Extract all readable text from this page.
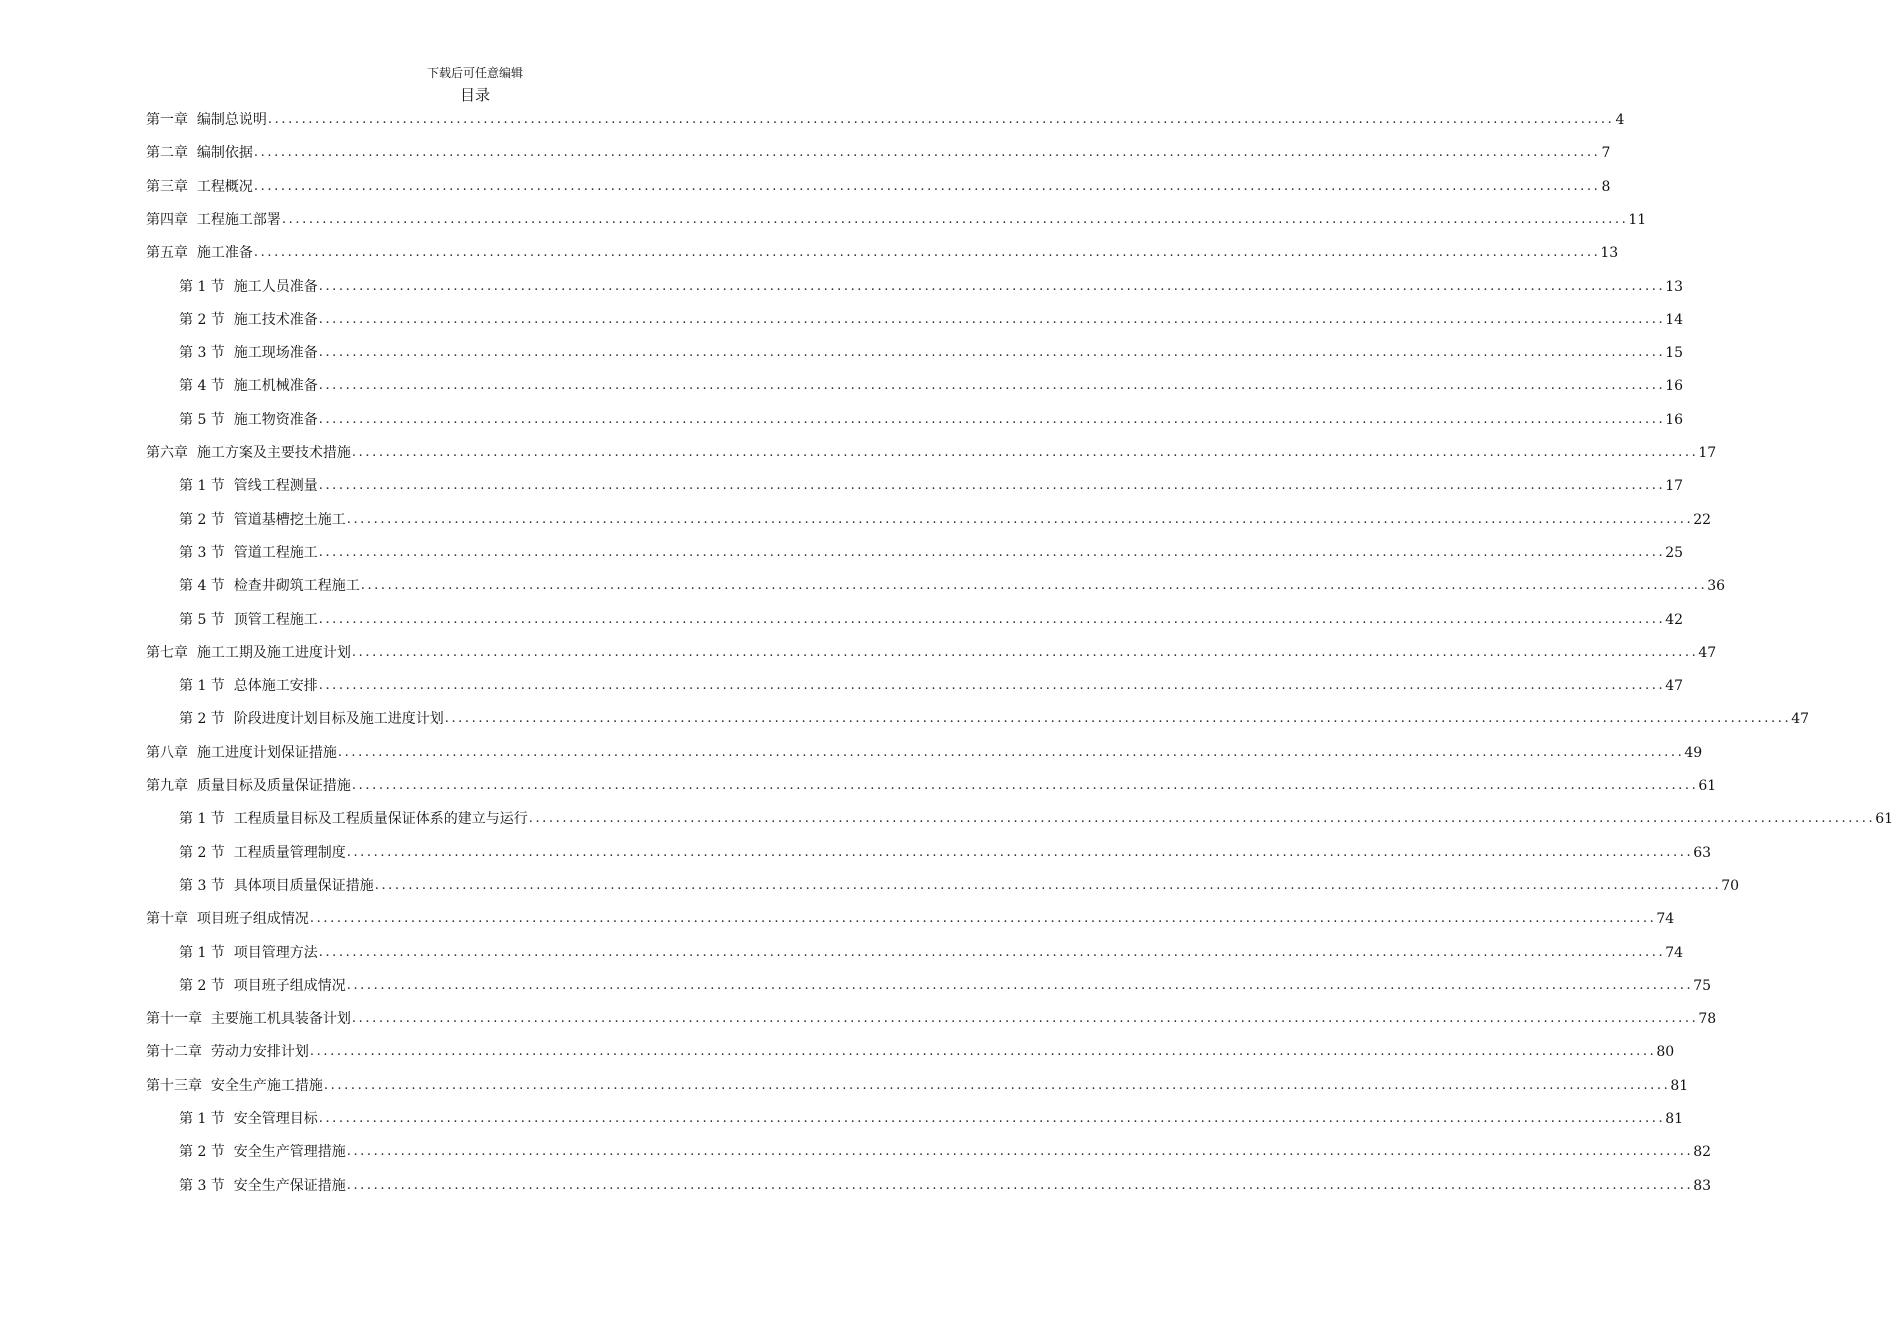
下载后可任意编辑
目录
第一章  编制总说明 ........................................................................................................................................................................................................ 4
第二章  编制依据 ........................................................................................................................................................................................................ 7
第三章  工程概况 ........................................................................................................................................................................................................ 8
第四章  工程施工部署 ........................................................................................................................................................................................................ 11
第五章  施工准备 ........................................................................................................................................................................................................ 13
第 1 节  施工人员准备 ........................................................................................................................................................................................................ 13
第 2 节  施工技术准备 ........................................................................................................................................................................................................ 14
第 3 节  施工现场准备 ........................................................................................................................................................................................................ 15
第 4 节  施工机械准备 ........................................................................................................................................................................................................ 16
第 5 节  施工物资准备 ........................................................................................................................................................................................................ 16
第六章  施工方案及主要技术措施 ........................................................................................................................................................................................................ 17
第 1 节  管线工程测量 ........................................................................................................................................................................................................ 17
第 2 节  管道基槽挖土施工 ........................................................................................................................................................................................................ 22
第 3 节  管道工程施工 ........................................................................................................................................................................................................ 25
第 4 节  检查井砌筑工程施工 ........................................................................................................................................................................................................ 36
第 5 节  顶管工程施工 ........................................................................................................................................................................................................ 42
第七章  施工工期及施工进度计划 ........................................................................................................................................................................................................ 47
第 1 节  总体施工安排 ........................................................................................................................................................................................................ 47
第 2 节  阶段进度计划目标及施工进度计划 ........................................................................................................................................................................................................ 47
第八章  施工进度计划保证措施 ........................................................................................................................................................................................................ 49
第九章  质量目标及质量保证措施 ........................................................................................................................................................................................................ 61
第 1 节  工程质量目标及工程质量保证体系的建立与运行 ........................................................................................................................................................................................................ 61
第 2 节  工程质量管理制度 ........................................................................................................................................................................................................ 63
第 3 节  具体项目质量保证措施 ........................................................................................................................................................................................................ 70
第十章  项目班子组成情况 ........................................................................................................................................................................................................ 74
第 1 节  项目管理方法 ........................................................................................................................................................................................................ 74
第 2 节  项目班子组成情况 ........................................................................................................................................................................................................ 75
第十一章  主要施工机具装备计划 ........................................................................................................................................................................................................ 78
第十二章  劳动力安排计划 ........................................................................................................................................................................................................ 80
第十三章  安全生产施工措施 ........................................................................................................................................................................................................ 81
第 1 节  安全管理目标 ........................................................................................................................................................................................................ 81
第 2 节  安全生产管理措施 ........................................................................................................................................................................................................ 82
第 3 节  安全生产保证措施 ........................................................................................................................................................................................................ 83
